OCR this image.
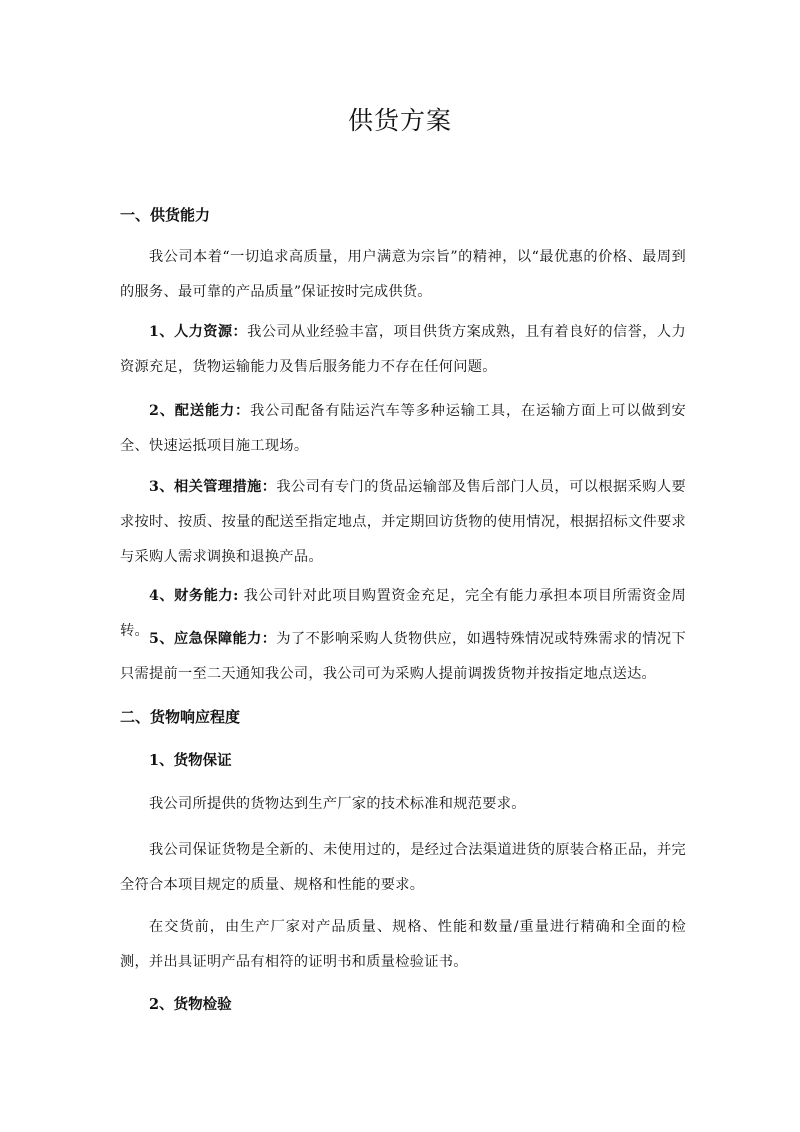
供货方案
一、供货能力
我公司本着“一切追求高质量，用户满意为宗旨”的精神，以“最优惠的价格、最周到的服务、最可靠的产品质量”保证按时完成供货。
1、人力资源：我公司从业经验丰富，项目供货方案成熟，且有着良好的信誉，人力资源充足，货物运输能力及售后服务能力不存在任何问题。
2、配送能力：我公司配备有陆运汽车等多种运输工具，在运输方面上可以做到安全、快速运抵项目施工现场。
3、相关管理措施：我公司有专门的货品运输部及售后部门人员，可以根据采购人要求按时、按质、按量的配送至指定地点，并定期回访货物的使用情况，根据招标文件要求与采购人需求调换和退换产品。
4、财务能力: 我公司针对此项目购置资金充足，完全有能力承担本项目所需资金周转。 5、应急保障能力：为了不影响采购人货物供应，如遇特殊情况或特殊需求的情况下只需提前一至二天通知我公司，我公司可为采购人提前调拨货物并按指定地点送达。
二、货物响应程度
1、货物保证
我公司所提供的货物达到生产厂家的技术标准和规范要求。
我公司保证货物是全新的、未使用过的，是经过合法渠道进货的原装合格正品，并完全符合本项目规定的质量、规格和性能的要求。
在交货前，由生产厂家对产品质量、规格、性能和数量/重量进行精确和全面的检测，并出具证明产品有相符的证明书和质量检验证书。
2、货物检验
